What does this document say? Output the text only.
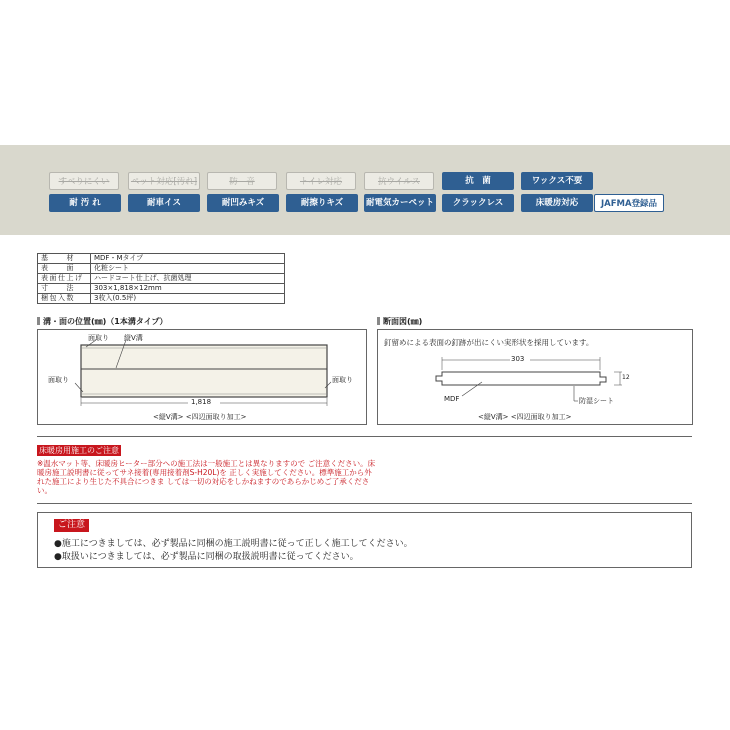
すべりにくい	ペット対応[汚れ]	防　音	トイレ対応	抗ウイルス	抗　菌	ワックス不要
耐 汚 れ	耐車イス	耐凹みキズ	耐擦りキズ	耐電気カーペット	クラックレス	床暖房対応	JAFMA登録品
基　　材	MDF・Mタイプ
表　　面	化粧シート
表面仕上げ	ハードコート仕上げ、抗菌処理
寸　　法	303×1,818×12mm
梱包入数	3枚入(0.5坪)
溝・面の位置(㎜)（1本溝タイプ）
面取り 縦V溝
面取り	面取り
1,818
<縦V溝> <四辺面取り加工>
断面図(㎜)
釘留めによる表面の釘跡が出にくい実形状を採用しています。
303
12
MDF	防湿シート
<縦V溝> <四辺面取り加工>
床暖房用施工のご注意
※温水マット等、床暖房ヒーター部分への施工法は一般施工とは異なりますので ご注意ください。床暖房施工説明書に従ってサネ接着(専用接着剤S-H20L)を 正しく実施してください。標準施工から外れた施工により生じた不具合につきま しては一切の対応をしかねますのであらかじめご了承ください。
ご注意
●施工につきましては、必ず製品に同梱の施工説明書に従って正しく施工してください。
●取扱いにつきましては、必ず製品に同梱の取扱説明書に従ってください。
